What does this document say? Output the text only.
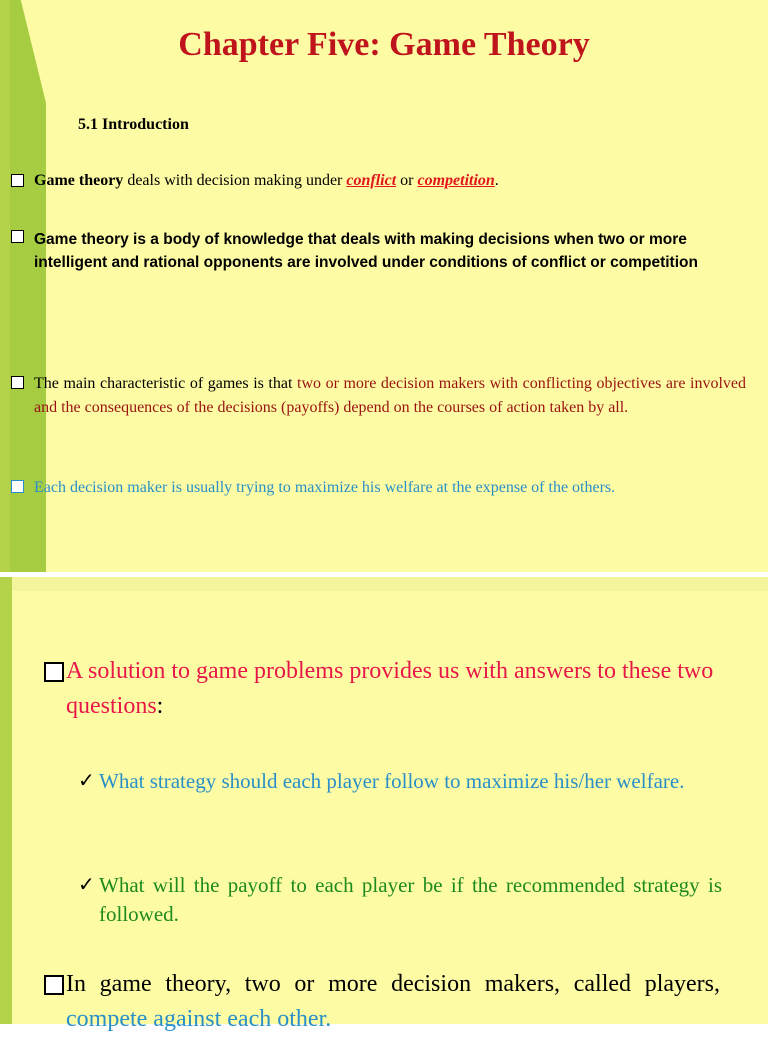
Chapter Five: Game Theory
5.1 Introduction
Game theory deals with decision making under conflict or competition.
Game theory is a body of knowledge that deals with making decisions when two or more intelligent and rational opponents are involved under conditions of conflict or competition
The main characteristic of games is that two or more decision makers with conflicting objectives are involved and the consequences of the decisions (payoffs) depend on the courses of action taken by all.
Each decision maker is usually trying to maximize his welfare at the expense of the others.
A solution to game problems provides us with answers to these two questions:
✓ What strategy should each player follow to maximize his/her welfare.
✓ What will the payoff to each player be if the recommended strategy is followed.
In game theory, two or more decision makers, called players, compete against each other.
